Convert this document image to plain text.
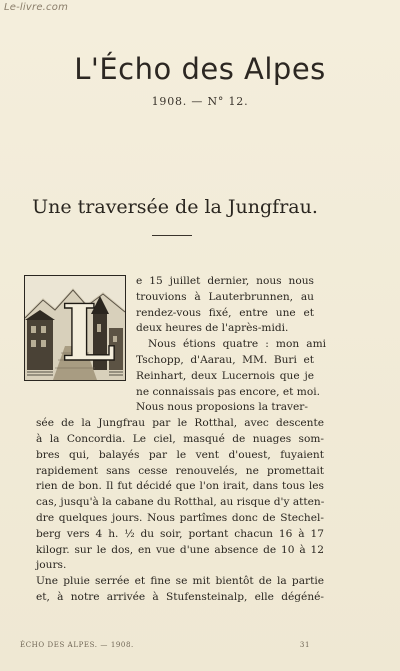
Le-livre.com
L'Écho des Alpes
1908. — N° 12.
Une traversée de la Jungfrau.
L
e 15 juillet dernier, nous nous
trouvions à Lauterbrunnen, au
rendez-vous fixé, entre une et
deux heures de l'après-midi.
Nous étions quatre : mon ami
Tschopp, d'Aarau, MM. Buri et
Reinhart, deux Lucernois que je
ne connaissais pas encore, et moi.
Nous nous proposions la traver-
sée de la Jungfrau par le Rotthal, avec descente
à la Concordia. Le ciel, masqué de nuages som-
bres qui, balayés par le vent d'ouest, fuyaient
rapidement sans cesse renouvelés, ne promettait
rien de bon. Il fut décidé que l'on irait, dans tous les
cas, jusqu'à la cabane du Rotthal, au risque d'y atten-
dre quelques jours. Nous partîmes donc de Stechel-
berg vers 4 h. ½ du soir, portant chacun 16 à 17
kilogr. sur le dos, en vue d'une absence de 10 à 12
jours.
Une pluie serrée et fine se mit bientôt de la partie
et, à notre arrivée à Stufensteinalp, elle dégéné-
ÉCHO DES ALPES. — 1908.	31
